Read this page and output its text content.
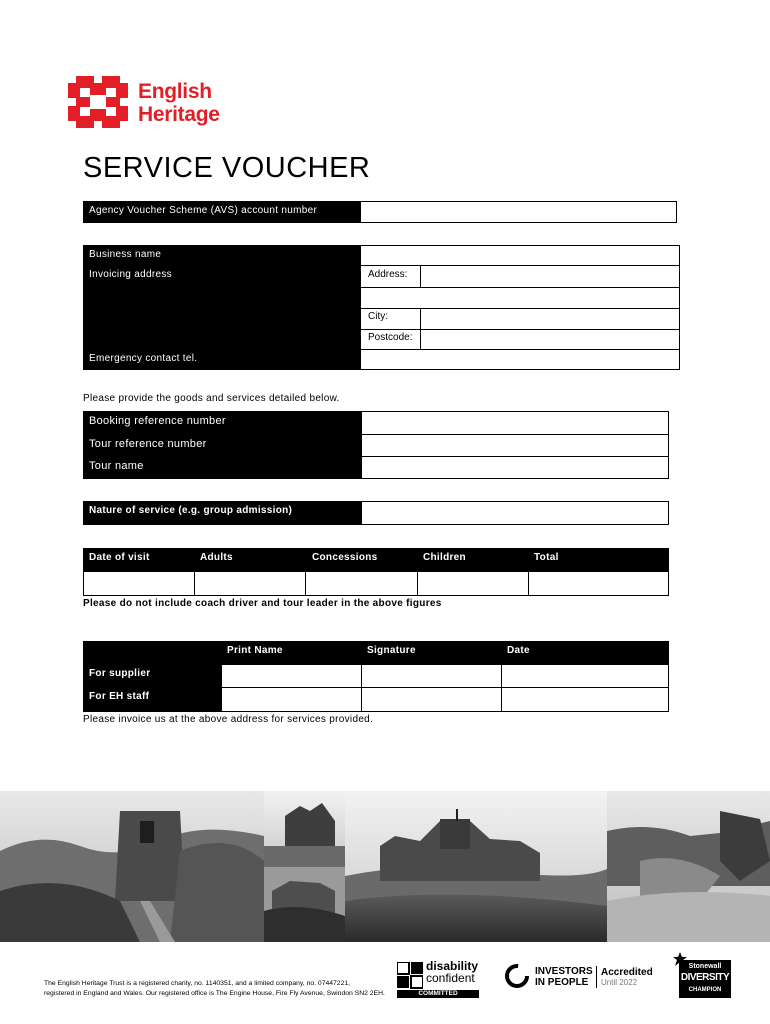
English
Heritage
SERVICE VOUCHER
Agency Voucher Scheme (AVS) account number
Business name
Invoicing address	Address:
City:
Postcode:
Emergency contact tel.
Please provide the goods and services detailed below.
Booking reference number
Tour reference number
Tour name
Nature of service (e.g. group admission)
Date of visit	Adults	Concessions	Children	Total
Please do not include coach driver and tour leader in the above figures
Print Name	Signature	Date
For supplier
For EH staff
Please invoice us at the above address for services provided.
The English Heritage Trust is a registered charity, no. 1140351, and a limited company, no. 07447221,
registered in England and Wales. Our registered office is The Engine House, Fire Fly Avenue, Swindon SN2 2EH.
disability
confident
COMMITTED
INVESTORS
IN PEOPLE
Accredited
Until 2022
Stonewall
DIVERSITY
CHAMPION
